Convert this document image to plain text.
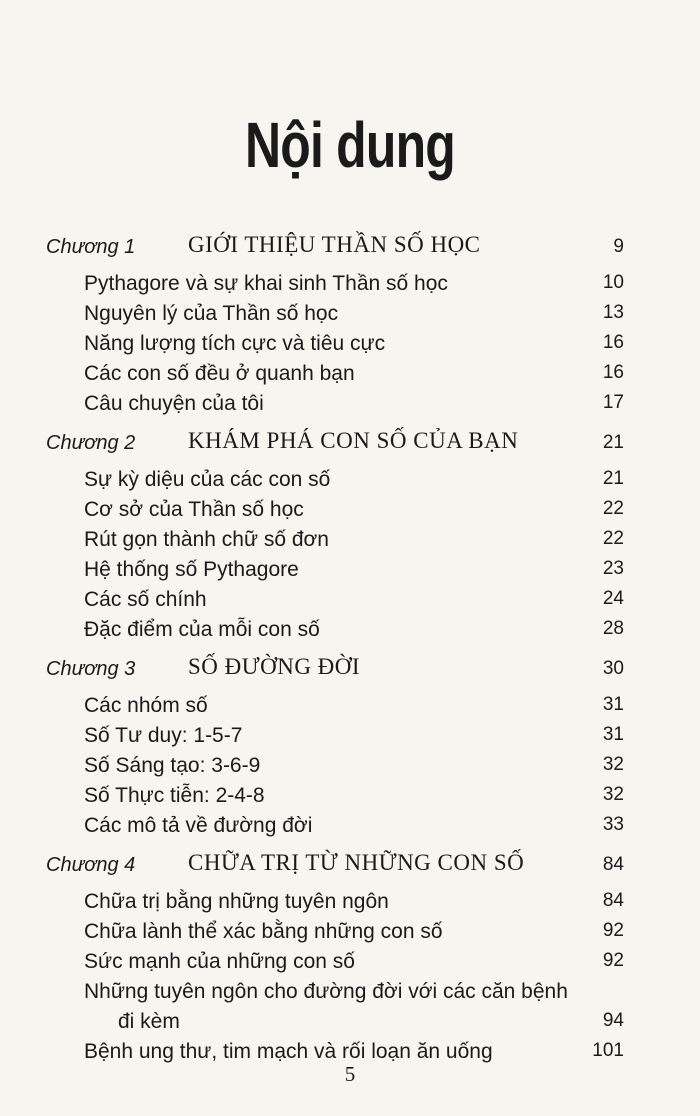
Nội dung
Chương 1 GIỚI THIỆU THẦN SỐ HỌC	9
Pythagore và sự khai sinh Thần số học	10
Nguyên lý của Thần số học	13
Năng lượng tích cực và tiêu cực	16
Các con số đều ở quanh bạn	16
Câu chuyện của tôi	17
Chương 2 KHÁM PHÁ CON SỐ CỦA BẠN	21
Sự kỳ diệu của các con số	21
Cơ sở của Thần số học	22
Rút gọn thành chữ số đơn	22
Hệ thống số Pythagore	23
Các số chính	24
Đặc điểm của mỗi con số	28
Chương 3 SỐ ĐƯỜNG ĐỜI	30
Các nhóm số	31
Số Tư duy: 1-5-7	31
Số Sáng tạo: 3-6-9	32
Số Thực tiễn: 2-4-8	32
Các mô tả về đường đời	33
Chương 4 CHỮA TRỊ TỪ NHỮNG CON SỐ	84
Chữa trị bằng những tuyên ngôn	84
Chữa lành thể xác bằng những con số	92
Sức mạnh của những con số	92
Những tuyên ngôn cho đường đời với các căn bệnh
đi kèm	94
Bệnh ung thư, tim mạch và rối loạn ăn uống	101
5
